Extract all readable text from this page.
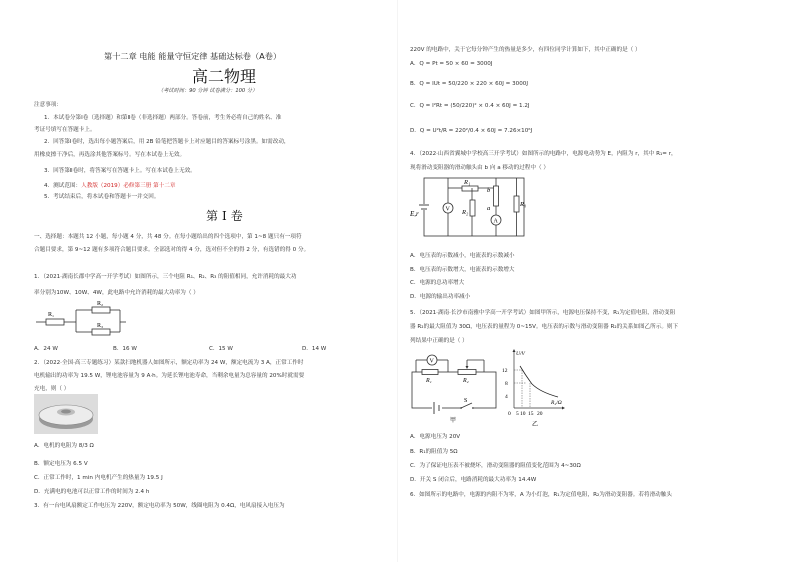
第十二章 电能 能量守恒定律 基础达标卷（A卷）
高二物理
（考试时间：90 分钟 试卷满分：100 分）
注意事项：
1．本试卷分第Ⅰ卷（选择题）和第Ⅱ卷（非选择题）两部分。答卷前，考生务必将自己的姓名、准
考证号填写在答题卡上。
2．回答第Ⅰ卷时，选出每小题答案后，用 2B 铅笔把答题卡上对应题目的答案标号涂黑。如需改动，
用橡皮擦干净后，再选涂其他答案标号。写在本试卷上无效。
3．回答第Ⅱ卷时，将答案写在答题卡上。写在本试卷上无效。
4．测试范围：人教版（2019）必修第三册 第十二章
5．考试结束后，将本试卷和答题卡一并交回。
第Ⅰ卷
一、选择题：本题共 12 小题，每小题 4 分，共 48 分。在每小题给出的四个选项中，第 1~8 题只有一项符
合题目要求，第 9~12 题有多项符合题目要求。全部选对的得 4 分，选对但不全的得 2 分，有选错的得 0 分。
1．（2021·湖南长郡中学高一开学考试）如图所示，三个电阻 R₁、R₂、R₃ 的阻值相同，允许消耗的最大功
率分别为10W、10W、4W，此电路中允许消耗的最大功率为（ ）
R₂
R₁
R₃
A．24 W	B．16 W	C．15 W	D．14 W
2．（2022·全国·高三专题练习）某款扫地机器人如图所示，额定功率为 24 W，额定电流为 3 A，正常工作时
电机输出的功率为 19.5 W，锂电池容量为 9 A·h。为延长锂电池寿命，当剩余电量为总容量的 20%时就需要
充电，则（ ）
A．电机的电阻为 8/3 Ω
B．额定电压为 6.5 V
C．正常工作时，1 min 内电机产生的热量为 19.5 J
D．充满电的电池可以正常工作的时间为 2.4 h
3．有一台电风扇额定工作电压为 220V，额定电功率为 50W，线圈电阻为 0.4Ω，电风扇接入电压为
220V 的电路中，关于它每分钟产生的热量是多少，有四位同学计算如下，其中正确的是（ ）
A．Q = Pt = 50 × 60 = 3000J
B．Q = IUt = 50/220 × 220 × 60J = 3000J
C．Q = I²Rt = (50/220)² × 0.4 × 60J = 1.2J
D．Q = U²t/R = 220²/0.4 × 60J = 7.26×10⁶J
4．（2022·山西省翼城中学校高三开学考试）如图所示的电路中，电源电动势为 E，内阻为 r，其中 R₁= r，
现将滑动变阻器的滑动触头由 b 向 a 移动的过程中（ ）
E,r
V
R₁
R₂
b
a
A
R₀
A．电压表的示数减小，电流表的示数减小
B．电压表的示数增大，电流表的示数增大
C．电源的总功率增大
D．电源的输出功率减小
5．（2021·湖南·长沙市南雅中学高一开学考试）如图甲所示，电源电压保持不变，R₁为定值电阻，滑动变阻
器 R₂的最大阻值为 30Ω，电压表的量程为 0~15V。电压表的示数与滑动变阻器 R₂的关系如图乙所示。则下
列结果中正确的是（ ）
R₁	R₂
V
S
甲
U/V
R₂/Ω
12
8
4
0 5 10 15 20
乙
A．电源电压为 20V
B．R₁的阻值为 5Ω
C．为了保证电压表不被烧坏，滑动变阻器的阻值变化范围为 4~30Ω
D．开关 S 闭合后，电路消耗的最大功率为 14.4W
6．如图所示的电路中，电源的内阻不为零，A 为小灯泡，R₁为定值电阻，R₂为滑动变阻器。若将滑动触头
